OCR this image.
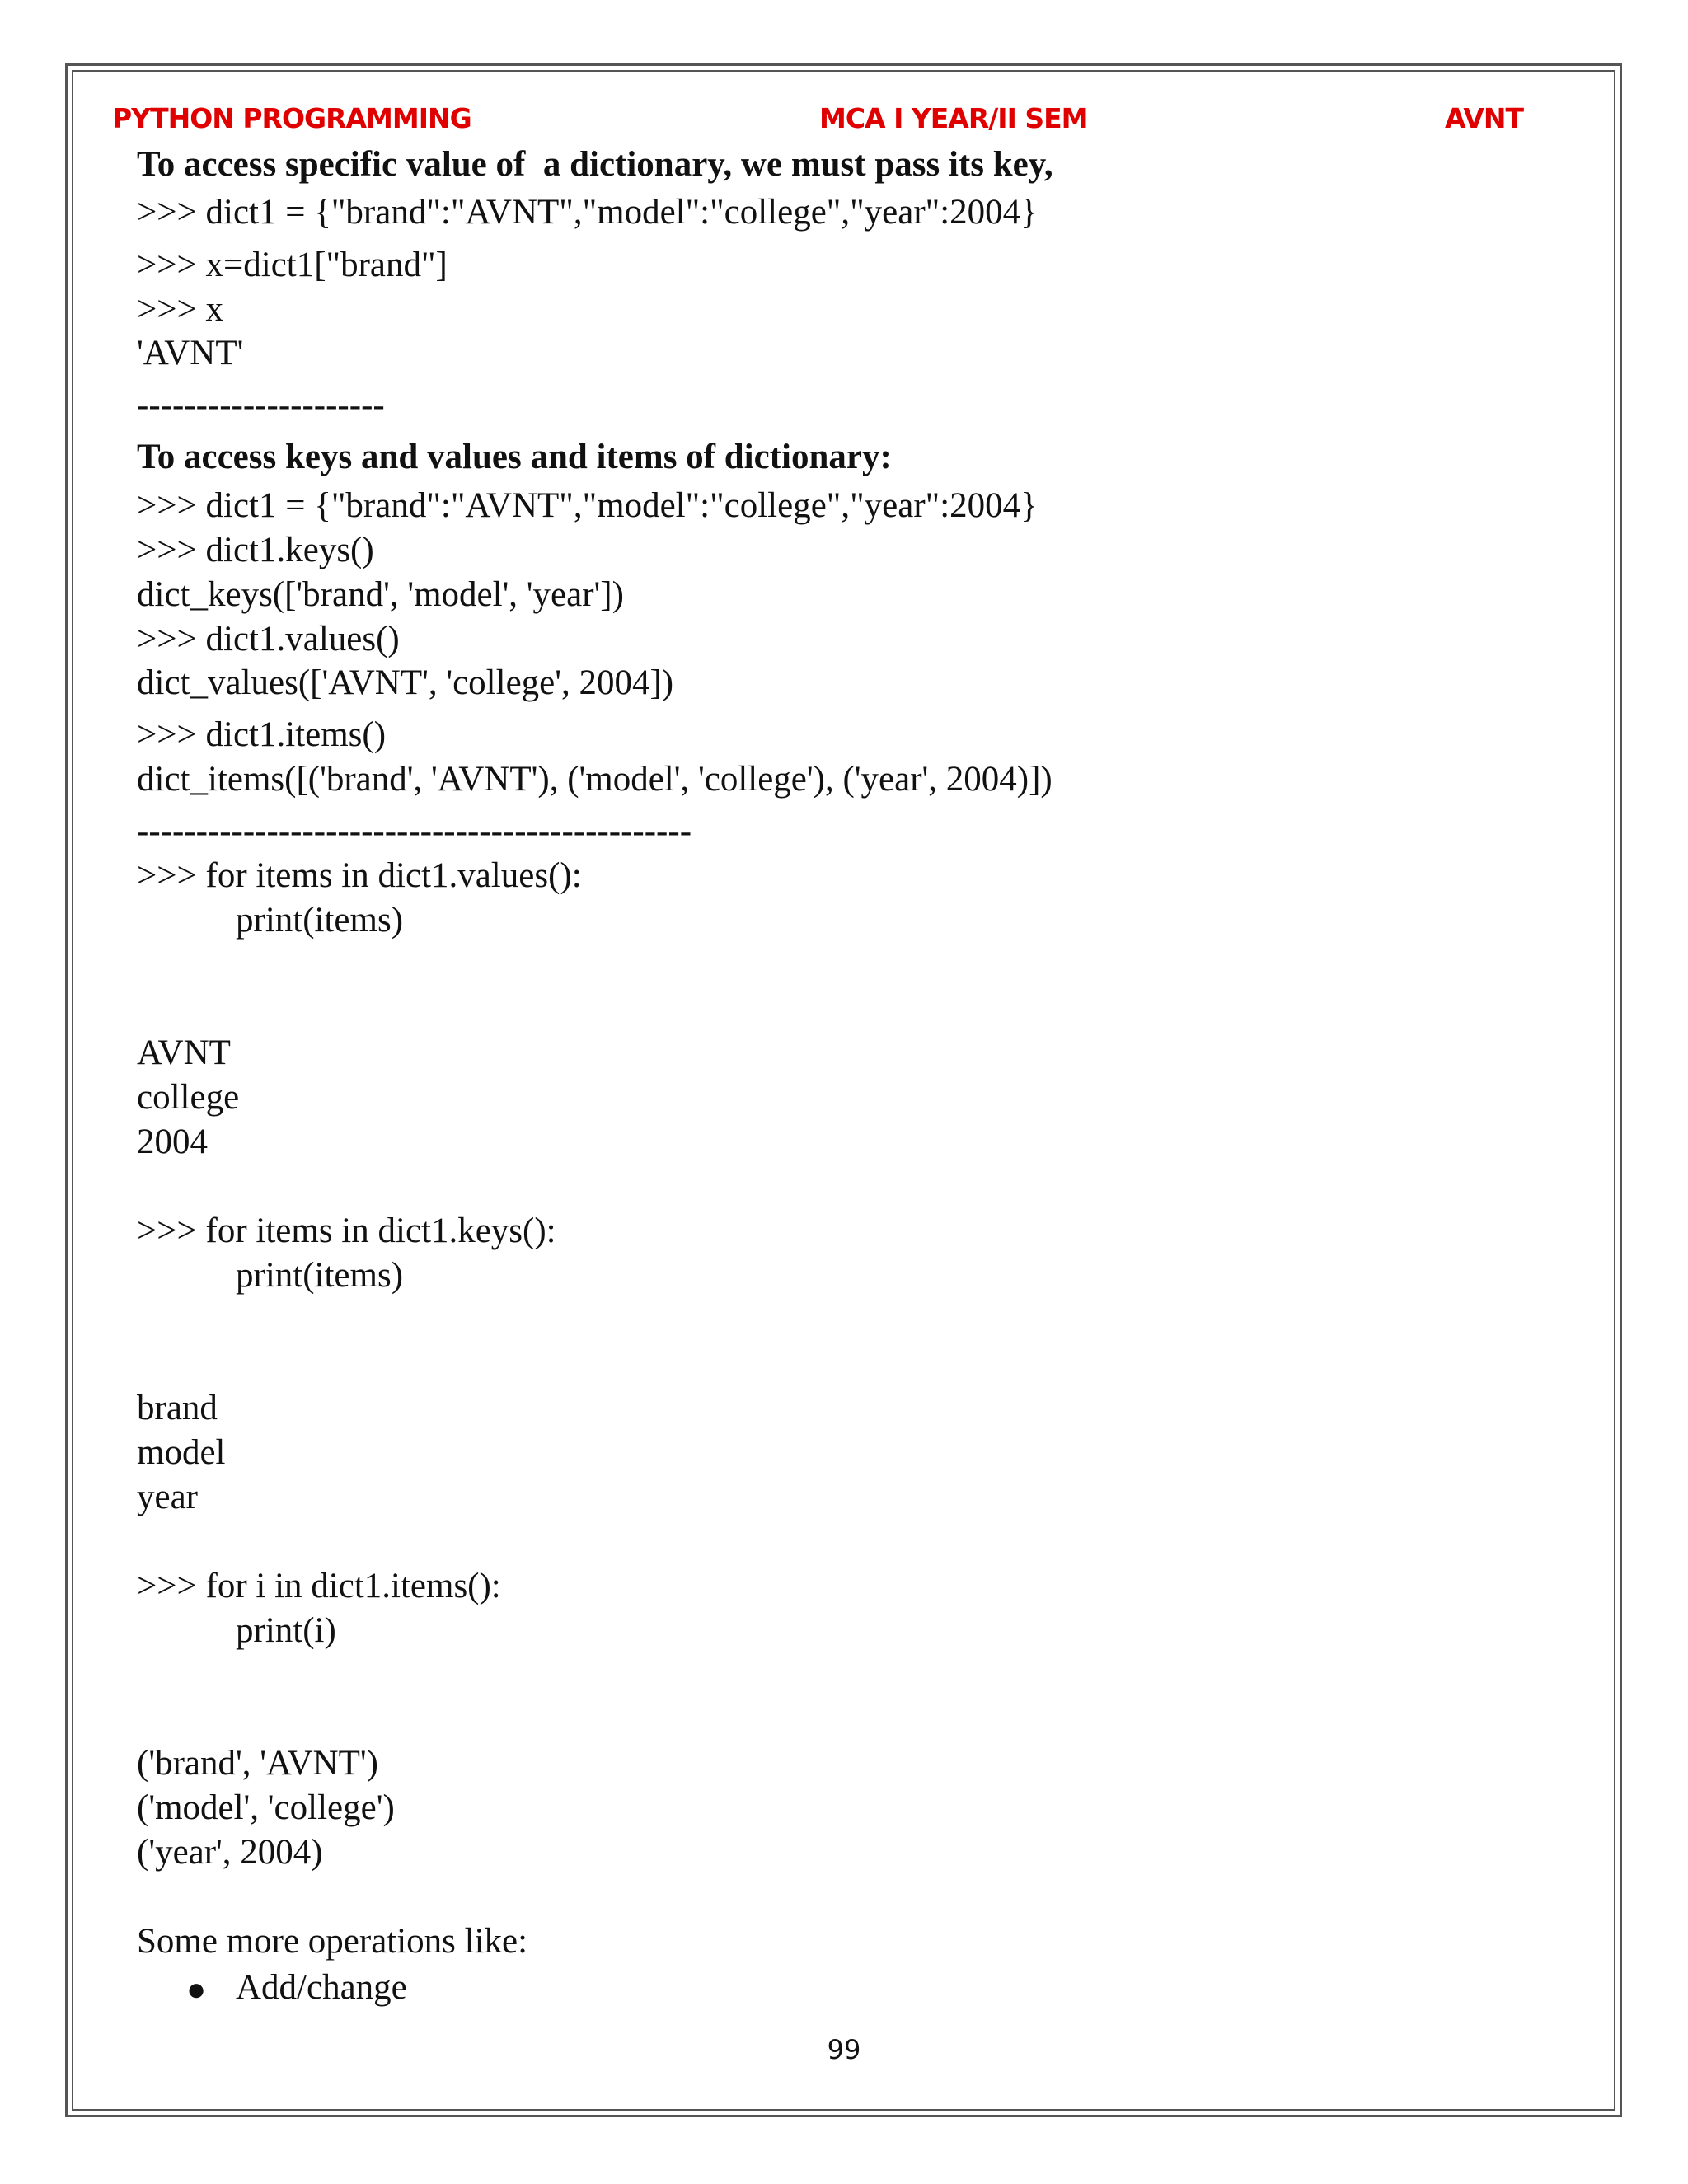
PYTHON PROGRAMMING	MCA I YEAR/II SEM	AVNT
To access specific value of  a dictionary, we must pass its key,
>>> dict1 = {"brand":"AVNT","model":"college","year":2004}
>>> x=dict1["brand"]
>>> x
'AVNT'
---------------------
To access keys and values and items of dictionary:
>>> dict1 = {"brand":"AVNT","model":"college","year":2004}
>>> dict1.keys()
dict_keys(['brand', 'model', 'year'])
>>> dict1.values()
dict_values(['AVNT', 'college', 2004])
>>> dict1.items()
dict_items([('brand', 'AVNT'), ('model', 'college'), ('year', 2004)])
-----------------------------------------------
>>> for items in dict1.values():
print(items)
AVNT
college
2004
>>> for items in dict1.keys():
print(items)
brand
model
year
>>> for i in dict1.items():
print(i)
('brand', 'AVNT')
('model', 'college')
('year', 2004)
Some more operations like:
● Add/change
99
